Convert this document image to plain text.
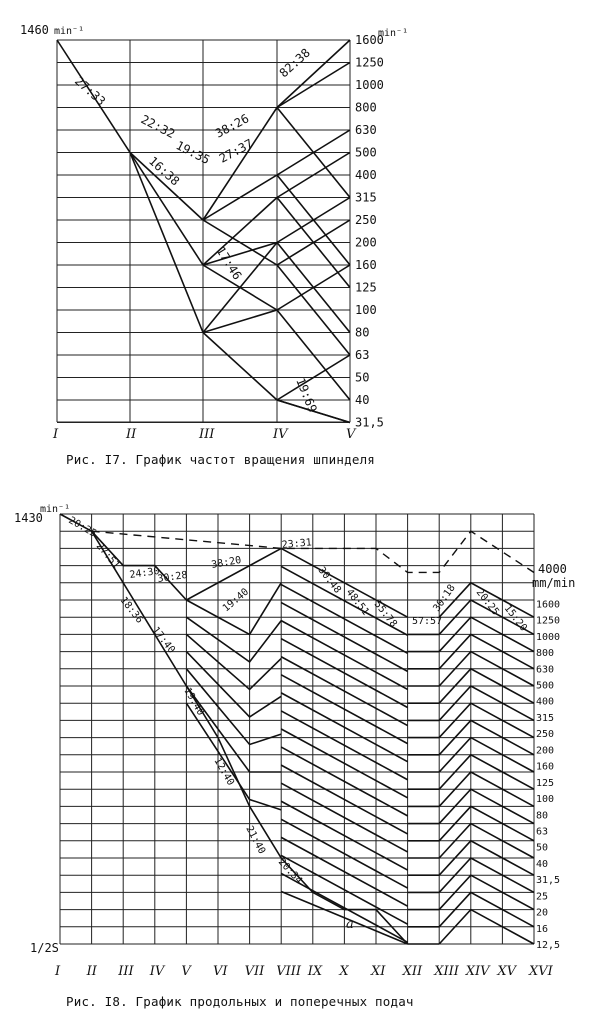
1460 min⁻¹	min⁻¹
1600
1250
1000
800
630
500
400
315
250
200
160
125
100
80
63
50
40
31,5
I	II	III	IV	V
27:33
22:32
16:38
19:35
38:26
27:37
82:38
17:46
19:69
1430
min⁻¹
1/2S
4000
mm/min
1600
1250
1000
800
630
500
400
315
250
200
160
125
100
80
63
50
40
31,5
25
20
16
12,5
I II III IV V VI VII VIII IX X XI XII XIII XIV XV XVI
a
20:25
27:51
24:30
30:28
38:20
18:36	19:40
17:40
19:40
23:31
30:48
48:51 55:78 57:57
30:18 20:25
15:20
12:40
21:40
20:34
Рис. I7. График частот вращения шпинделя
Рис. I8. График продольных и поперечных подач
